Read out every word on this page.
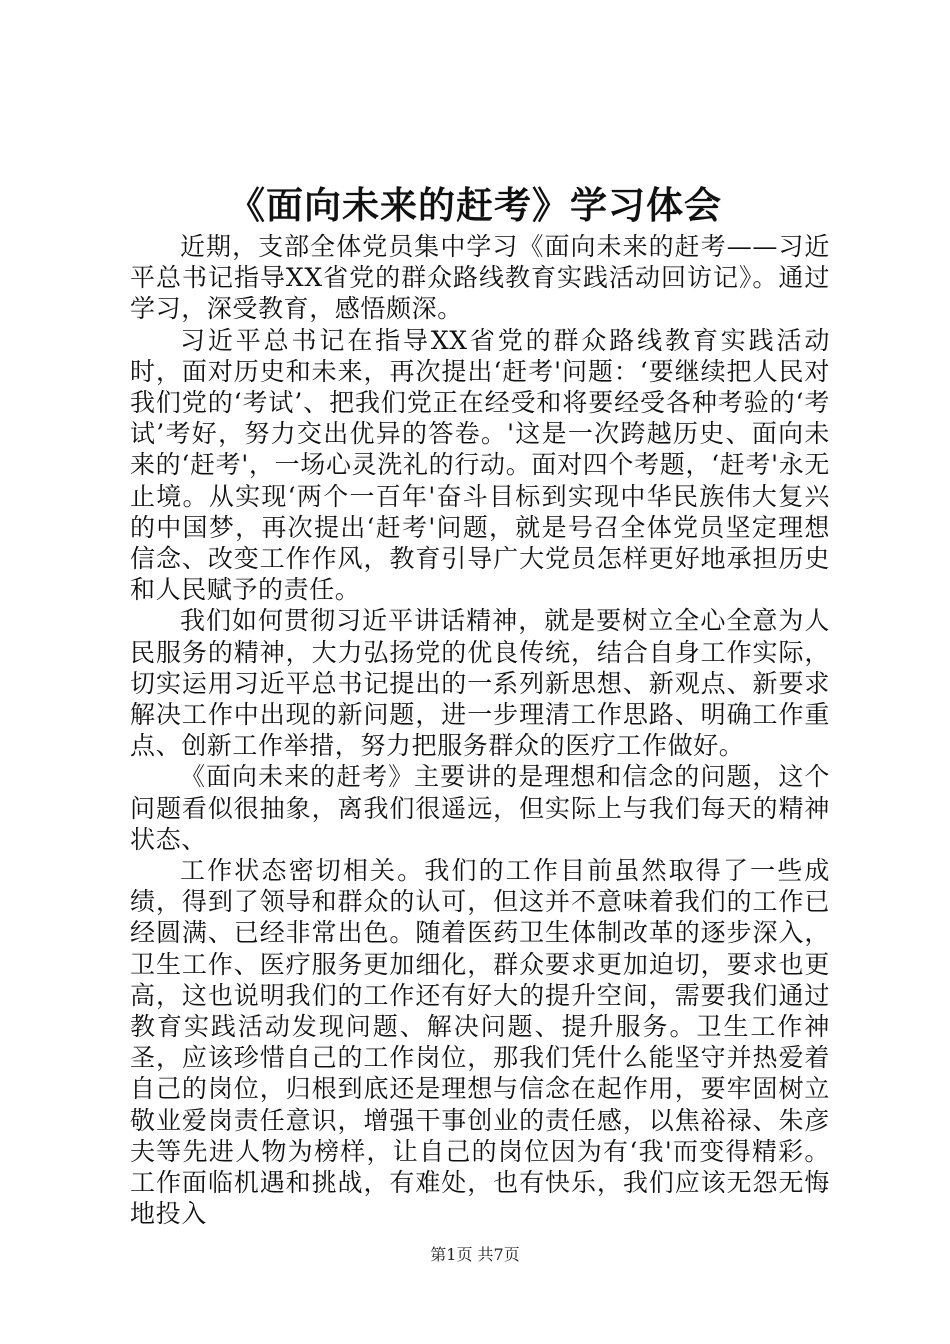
《面向未来的赶考》学习体会

近期，支部全体党员集中学习《面向未来的赶考——习近平总书记指导XX省党的群众路线教育实践活动回访记》。通过学习，深受教育，感悟颇深。

习近平总书记在指导XX省党的群众路线教育实践活动时，面对历史和未来，再次提出‘赶考'问题：‘要继续把人民对我们党的‘考试’、把我们党正在经受和将要经受各种考验的‘考试’考好，努力交出优异的答卷。'这是一次跨越历史、面向未来的‘赶考'，一场心灵洗礼的行动。面对四个考题，‘赶考'永无止境。从实现‘两个一百年'奋斗目标到实现中华民族伟大复兴的中国梦，再次提出‘赶考'问题，就是号召全体党员坚定理想信念、改变工作作风，教育引导广大党员怎样更好地承担历史和人民赋予的责任。

我们如何贯彻习近平讲话精神，就是要树立全心全意为人民服务的精神，大力弘扬党的优良传统，结合自身工作实际，切实运用习近平总书记提出的一系列新思想、新观点、新要求解决工作中出现的新问题，进一步理清工作思路、明确工作重点、创新工作举措，努力把服务群众的医疗工作做好。

《面向未来的赶考》主要讲的是理想和信念的问题，这个问题看似很抽象，离我们很遥远，但实际上与我们每天的精神状态、

工作状态密切相关。我们的工作目前虽然取得了一些成绩，得到了领导和群众的认可，但这并不意味着我们的工作已经圆满、已经非常出色。随着医药卫生体制改革的逐步深入，卫生工作、医疗服务更加细化，群众要求更加迫切，要求也更高，这也说明我们的工作还有好大的提升空间，需要我们通过教育实践活动发现问题、解决问题、提升服务。卫生工作神圣，应该珍惜自己的工作岗位，那我们凭什么能坚守并热爱着自己的岗位，归根到底还是理想与信念在起作用，要牢固树立敬业爱岗责任意识，增强干事创业的责任感，以焦裕禄、朱彦夫等先进人物为榜样，让自己的岗位因为有‘我'而变得精彩。工作面临机遇和挑战，有难处，也有快乐，我们应该无怨无悔地投入

第1页 共7页
